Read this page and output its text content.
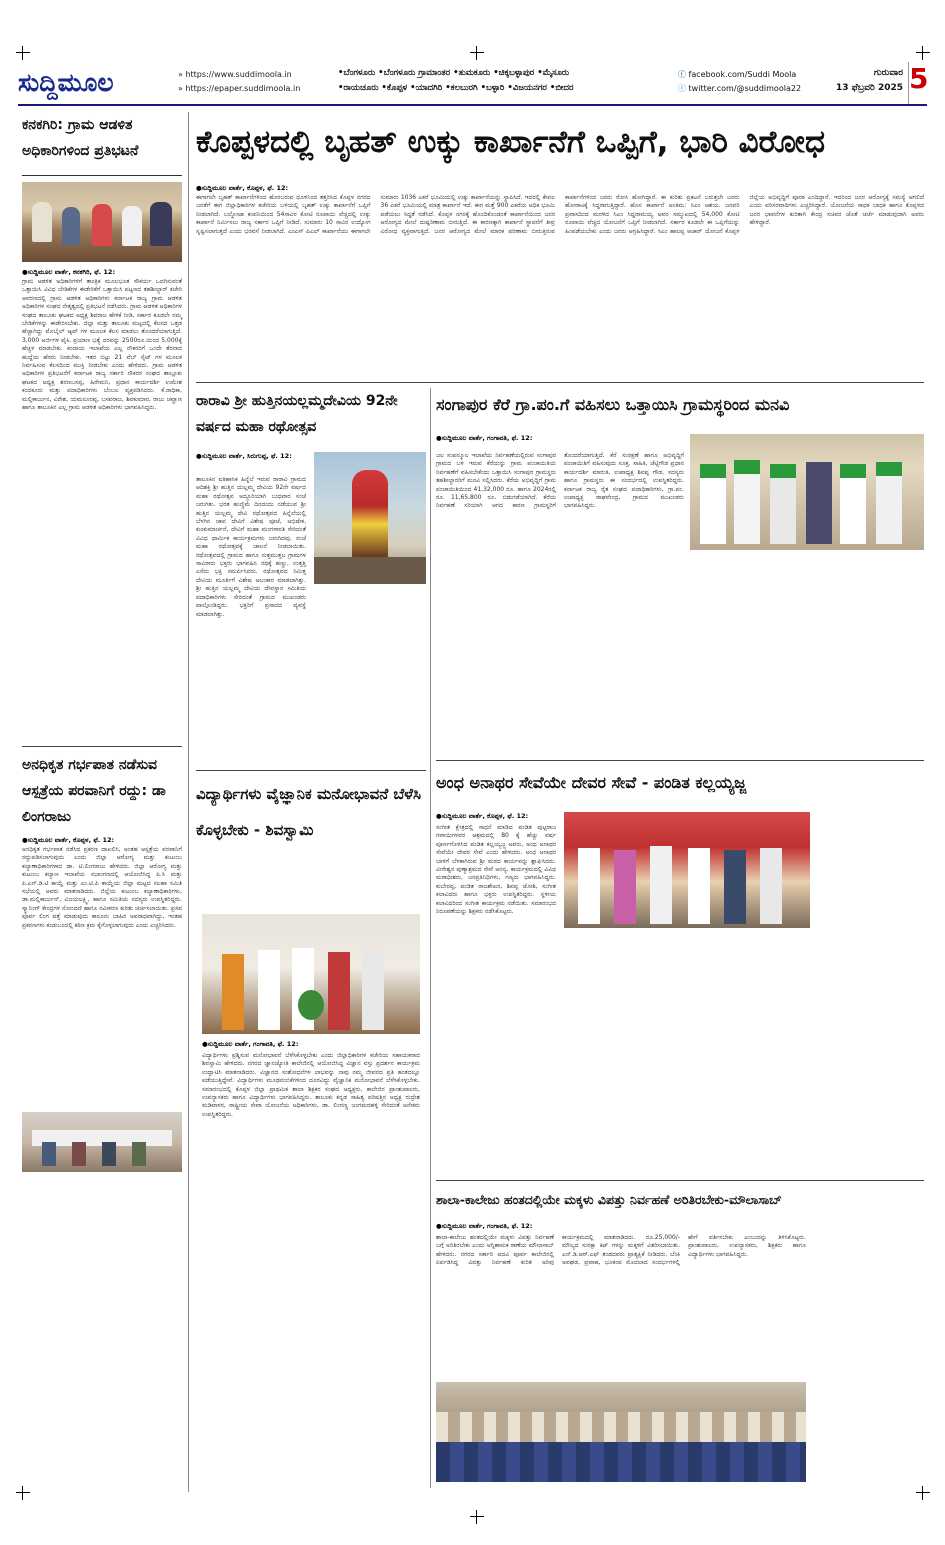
ಸುದ್ದಿಮೂಲ	» https://www.suddimoola.in
» https://epaper.suddimoola.in
•ಬೆಂಗಳೂರು •ಬೆಂಗಳೂರು ಗ್ರಾಮಾಂತರ •ತುಮಕೂರು •ಚಿಕ್ಕಬಳ್ಳಾಪುರ •ಮೈಸೂರು
•ರಾಯಚೂರು •ಕೊಪ್ಪಳ •ಯಾದಗಿರಿ •ಕಲಬುರಗಿ •ಬಳ್ಳಾರಿ •ವಿಜಯನಗರ •ಬೀದರ
ⓕ facebook.com/Suddi Moola
ⓣ twitter.com/@suddimoola22
ಗುರುವಾರ
13 ಫೆಬ್ರವರಿ 2025 5
ಕನಕಗಿರಿ: ಗ್ರಾಮ ಆಡಳಿತ ಅಧಿಕಾರಿಗಳಿಂದ ಪ್ರತಿಭಟನೆ
●ಸುದ್ದಿಮೂಲ ವಾರ್ತೆ, ಕನಕಗಿರಿ, ಫೆ. 12:
ಗ್ರಾಮ ಆಡಳಿತ ಅಧಿಕಾರಿಗಳಿಗೆ ತಾಂತ್ರಿಕ ಮೂಲಭೂತ ಸೌಕರ್ಯ ಒದಗಿಸುವಂತೆ ಒತ್ತಾಯಿಸಿ ವಿವಿಧ ಬೇಡಿಕೆಗಳ ಈಡೇರಿಕೆಗೆ ಒತ್ತಾಯಿಸಿ ಪಟ್ಟಣದ ತಹಶೀಲ್ದಾರ್ ಕಚೇರಿ ಆವರಣದಲ್ಲಿ ಗ್ರಾಮ ಆಡಳಿತ ಅಧಿಕಾರಿಗಳು ಕರ್ನಾಟಕ ರಾಜ್ಯ ಗ್ರಾಮ ಆಡಳಿತ ಅಧಿಕಾರಿಗಳ ಸಂಘದ ನೇತೃತ್ವದಲ್ಲಿ ಪ್ರತಿಭಟನೆ ನಡೆಸಿದರು. ಗ್ರಾಮ ಆಡಳಿತ ಅಧಿಕಾರಿಗಳ ಸಂಘದ ತಾಲೂಕು ಘಟಕದ ಅಧ್ಯಕ್ಷ ಶಿವರಾಜ ಹೇಳಿಕೆ ನೀಡಿ, ಸರ್ಕಾರ ಕೂಡಲೇ ನಮ್ಮ ಬೇಡಿಕೆಗಳನ್ನು ಈಡೇರಿಸಬೇಕು. ಜಿಲ್ಲಾ ಮತ್ತು ತಾಲೂಕು ಮಟ್ಟದಲ್ಲಿ ಕೆಲಸದ ಒತ್ತಡ ಹೆಚ್ಚಾಗಿದ್ದು ಮೊಬೈಲ್ ಆ್ಯಪ್ ಗಳ ಮೂಲಕ ಕೆಲಸ ಮಾಡಲು ತೊಂದರೆಯಾಗುತ್ತಿದೆ. 3,000 ಅರ್ಜಿಗಳ ಪೈಕಿ, ಪ್ರಯಾಣ ಭತ್ಯೆ ದರವನ್ನು 2500ರೂ.ಯಿಂದ 5,000ಕ್ಕೆ ಹೆಚ್ಚಳ ಮಾಡಬೇಕು. ಕಂದಾಯ ಇಲಾಖೆಯ ಎಲ್ಲ ನೌಕರರಿಗೆ ಒಂದೇ ತೆರನಾದ ಹುದ್ದೆಯ ಹೆಸರು ನೀಡಬೇಕು. ಇತರ ಬಿಟ್ಟು 21 ವೆಬ್ ಸೈಟ್ ಗಳ ಮೂಲಕ ನಿರ್ವಹಿಸುವ ಕೆಲಸದಿಂದ ಮುಕ್ತಿ ನೀಡಬೇಕು ಎಂದು ಹೇಳಿದರು. ಗ್ರಾಮ ಆಡಳಿತ ಅಧಿಕಾರಿಗಳ ಪ್ರತಿಭಟನೆಗೆ ಕರ್ನಾಟಕ ರಾಜ್ಯ ಸರ್ಕಾರಿ ನೌಕರರ ಸಂಘದ ತಾಲ್ಲೂಕು ಘಟಕದ ಅಧ್ಯಕ್ಷ ಶರಣಬಸಪ್ಪ, ಹಿರೇಮನಿ, ಪ್ರಧಾನ ಕಾರ್ಯದರ್ಶಿ ಉಮೇಶ ಕಂದಕೂರು ಮತ್ತು ಪದಾಧಿಕಾರಿಗಳು ಬೆಂಬಲ ವ್ಯಕ್ತಪಡಿಸಿದರು. ಕೆ.ರಾಧಿಕಾ, ಮಲ್ಲಿಕಾರ್ಜುನ, ವಿರೇಶ, ಯಮನೂರಪ್ಪ, ಬಸವರಾಜ, ಶಿವಕುಮಾರ, ರಾಜು ಚವ್ಹಾಣ ಹಾಗೂ ತಾಲೂಕಿನ ಎಲ್ಲ ಗ್ರಾಮ ಆಡಳಿತ ಅಧಿಕಾರಿಗಳು ಭಾಗವಹಿಸಿದ್ದರು.
ಕೊಪ್ಪಳದಲ್ಲಿ ಬೃಹತ್ ಉಕ್ಕು ಕಾರ್ಖಾನೆಗೆ ಒಪ್ಪಿಗೆ, ಭಾರಿ ವಿರೋಧ
●ಸುದ್ದಿಮೂಲ ವಾರ್ತೆ, ಕೊಪ್ಪಳ, ಫೆ. 12:
ಈಗಾಗಲೇ ಬೃಹತ್ ಕಾರ್ಖಾನೆಗಳಿಂದ ಹೊರಬರುವ ಧೂಳಿನಿಂದ ತತ್ತರಿಸಿದ ಕೊಪ್ಪಳ ನಗರದ ಜನತೆಗೆ ಈಗ ಜಿಲ್ಲಾಧಿಕಾರಿಗಳ ಕಚೇರಿಯ ಬಳಿಯಲ್ಲಿ ಬೃಹತ್ ಉಕ್ಕು ಕಾರ್ಖಾನೆಗೆ ಒಪ್ಪಿಗೆ ನೀಡಲಾಗಿದೆ. ಬಲ್ಡೋಟಾ ಕಂಪನಿಯಿಂದ 54ಸಾವಿರ ಕೋಟಿ ರೂಪಾಯಿ ವೆಚ್ಚದಲ್ಲಿ ಉಕ್ಕು ಕಾರ್ಖಾನೆ ನಿರ್ಮಿಸಲು ರಾಜ್ಯ ಸರ್ಕಾರ ಒಪ್ಪಿಗೆ ನೀಡಿದೆ. ಸುಮಾರು 10 ಸಾವಿರ ಉದ್ಯೋಗ ಸೃಷ್ಟಿಸಲಾಗುತ್ತದೆ ಎಂದು ಭರವಸೆ ನೀಡಲಾಗಿದೆ. ಎಂಎಸ್ ಪಿಎಲ್ ಕಾರ್ಖಾನೆಯು ಈಗಾಗಲೇ ಸುಮಾರು 1036 ಎಕರೆ ಭೂಮಿಯಲ್ಲಿ ಉಕ್ಕು ಕಾರ್ಖಾನೆಯನ್ನು ಸ್ಥಾಪಿಸಿದೆ. ಇದರಲ್ಲಿ ಕೇವಲ 36 ಎಕರೆ ಭೂಮಿಯಲ್ಲಿ ಮಾತ್ರ ಕಾರ್ಖಾನೆ ಇದೆ. ಈಗ ಮತ್ತೆ 900 ಎಕರೆಯ ಅಧಿಕ ಭೂಮಿ ಪಡೆಯಲು ಸಿದ್ಧತೆ ನಡೆಸಿದೆ. ಕೊಪ್ಪಳ ನಗರಕ್ಕೆ ಹೊಂದಿಕೊಂಡಂತೆ ಕಾರ್ಖಾನೆಯಿಂದ ಜನರ ಆರೋಗ್ಯದ ಮೇಲೆ ದುಷ್ಪರಿಣಾಮ ಬೀರುತ್ತಿದೆ. ಈ ಕಾರಣಕ್ಕಾಗಿ ಕಾರ್ಖಾನೆ ಸ್ಥಾಪನೆಗೆ ತೀವ್ರ ವಿರೋಧ ವ್ಯಕ್ತವಾಗುತ್ತಿದೆ. ಜನರ ಆರೋಗ್ಯದ ಮೇಲೆ ಮಾರಕ ಪರಿಣಾಮ ಬೀರುತ್ತಿರುವ ಕಾರ್ಖಾನೆಗಳಿಂದ ಜನರು ರೋಸಿ ಹೋಗಿದ್ದಾರೆ. ಈ ಕುರಿತು ಪ್ರಕಟನೆ ಬರುತ್ತಲೇ ಜನರು ಹೋರಾಟಕ್ಕೆ ಸಿದ್ಧರಾಗುತ್ತಿದ್ದಾರೆ. ಹೊಸ ಕಾರ್ಖಾನೆ ಅಂತಿಮ: ಸಿಎಂ ಆಶಯ. ಜನವರಿ ಪ್ರವಾಸದಿಂದ ಮರಳಿದ ಸಿಎಂ ಸಿದ್ದರಾಮಯ್ಯ ಅವರ ಸಮ್ಮುಖದಲ್ಲಿ 54,000 ಕೋಟಿ ರೂಪಾಯಿ ವೆಚ್ಚದ ಯೋಜನೆಗೆ ಒಪ್ಪಿಗೆ ನೀಡಲಾಗಿದೆ. ಸರ್ಕಾರ ಕೂಡಲೇ ಈ ಒಪ್ಪಿಗೆಯನ್ನು ಹಿಂಪಡೆಯಬೇಕು ಎಂದು ಜನರು ಆಗ್ರಹಿಸಿದ್ದಾರೆ. ಸಿಎಂ ಹಾಲಪ್ಪ ಆಚಾರ್ ಯೋಜನೆ ಕೊಪ್ಪಳ ಜಿಲ್ಲೆಯ ಅಭಿವೃದ್ಧಿಗೆ ಪೂರಕ ಎಂದಿದ್ದಾರೆ. ಇದರಿಂದ ಜನರ ಆರೋಗ್ಯಕ್ಕೆ ಸಮಸ್ಯೆ ಆಗಲಿದೆ ಎಂದು ಪರಿಸರವಾದಿಗಳು ಎಚ್ಚರಿಸಿದ್ದಾರೆ. ಯೋಜನೆಯ ಸಾಧಕ ಬಾಧಕ ಹಾಗೂ ಕೊಪ್ಪಳದ ಜನರ ಭಾವನೆಗಳ ಕುರಿತಾಗಿ ಕೇಂದ್ರ ಸಚಿವರ ಜೊತೆ ಚರ್ಚೆ ಮಾಡುವುದಾಗಿ ಅವರು ಹೇಳಿದ್ದಾರೆ.
ರಾರಾವಿ ಶ್ರೀ ಹುತ್ತಿನಯಲ್ಲಮ್ಮದೇವಿಯ 92ನೇ ವರ್ಷದ ಮಹಾ ರಥೋತ್ಸವ
●ಸುದ್ದಿಮೂಲ ವಾರ್ತೆ, ಸಿರುಗುಪ್ಪ, ಫೆ. 12:
ತಾಲೂಕಿನ ಐತಿಹಾಸಿಕ ಹಿನ್ನೆಲೆ ಇರುವ ರಾರಾವಿ ಗ್ರಾಮದ ಆದಿಶಕ್ತಿ ಶ್ರೀ ಹುತ್ತಿನ ಯಲ್ಲಮ್ಮ ದೇವಿಯ 92ನೇ ವರ್ಷದ ಮಹಾ ರಥೋತ್ಸವ ಅದ್ದೂರಿಯಾಗಿ ಬುಧವಾರ ಸಂಜೆ ಜರುಗಿತು. ಭರತ ಹುಣ್ಣಿಮೆ ದಿನದಂದು ನಡೆಯುವ ಶ್ರೀ ಹುತ್ತಿನ ಯಲ್ಲಮ್ಮ ದೇವಿ ರಥೋತ್ಸವದ ಹಿನ್ನೆಲೆಯಲ್ಲಿ ಬೆಳಗಿನ ಜಾವ ದೇವಿಗೆ ವಿಶೇಷ ಪೂಜೆ, ಅಭಿಷೇಕ, ಕುಂಕುಮಾರ್ಚನೆ, ದೇವಿಗೆ ಮಹಾ ಮಂಗಳಾರತಿ ಸೇರಿದಂತೆ ವಿವಿಧ ಧಾರ್ಮಿಕ ಕಾರ್ಯಕ್ರಮಗಳು ಜರುಗಿದವು. ಸಂಜೆ ಮಹಾ ರಥೋತ್ಸವಕ್ಕೆ ಚಾಲನೆ ನೀಡಲಾಯಿತು. ರಥೋತ್ಸವದಲ್ಲಿ ಗ್ರಾಮದ ಹಾಗೂ ಸುತ್ತಮುತ್ತಲ ಗ್ರಾಮಗಳ ಸಾವಿರಾರು ಭಕ್ತರು ಭಾಗವಹಿಸಿ ರಥಕ್ಕೆ ಹಣ್ಣು, ಉತ್ತತ್ತಿ ಎಸೆದು ಭಕ್ತಿ ಸಮರ್ಪಿಸಿದರು. ರಥೋತ್ಸವದ ನಿಮಿತ್ತ ದೇವಿಯ ಮೂರ್ತಿಗೆ ವಿಶೇಷ ಅಲಂಕಾರ ಮಾಡಲಾಗಿತ್ತು. ಶ್ರೀ ಹುತ್ತಿನ ಯಲ್ಲಮ್ಮ ದೇವಿಯ ದೇವಸ್ಥಾನ ಸಮಿತಿಯ ಪದಾಧಿಕಾರಿಗಳು ಸೇರಿದಂತೆ ಗ್ರಾಮದ ಮುಖಂಡರು ಪಾಲ್ಗೊಂಡಿದ್ದರು. ಭಕ್ತರಿಗೆ ಪ್ರಸಾದದ ವ್ಯವಸ್ಥೆ ಮಾಡಲಾಗಿತ್ತು.
ಸಂಗಾಪುರ ಕೆರೆ ಗ್ರಾ.ಪಂ.ಗೆ ವಹಿಸಲು ಒತ್ತಾಯಿಸಿ ಗ್ರಾಮಸ್ಥರಿಂದ ಮನವಿ
●ಸುದ್ದಿಮೂಲ ವಾರ್ತೆ, ಗಂಗಾವತಿ, ಫೆ. 12:
ಜಲ ಸಂಪನ್ಮೂಲ ಇಲಾಖೆಯ ನಿರ್ವಹಣೆಯಲ್ಲಿರುವ ಸಂಗಾಪುರ ಗ್ರಾಮದ ಬಳಿ ಇರುವ ಕೆರೆಯನ್ನು ಗ್ರಾಮ ಪಂಚಾಯಿತಿಯ ನಿರ್ವಹಣೆಗೆ ವಹಿಸಬೇಕೆಂದು ಒತ್ತಾಯಿಸಿ ಸಂಗಾಪುರ ಗ್ರಾಮಸ್ಥರು ತಹಶೀಲ್ದಾರರಿಗೆ ಮನವಿ ಸಲ್ಲಿಸಿದರು. ಕೆರೆಯ ಅಭಿವೃದ್ಧಿಗೆ ಗ್ರಾಮ ಪಂಚಾಯಿತಿಯಿಂದ 41,32,000 ರೂ. ಹಾಗೂ 2024ರಲ್ಲಿ ರೂ. 11,65,800 ರೂ. ಬಿಡುಗಡೆಯಾಗಿದೆ. ಕೆರೆಯ ನಿರ್ವಹಣೆ ಸರಿಯಾಗಿ ಆಗದ ಕಾರಣ ಗ್ರಾಮಸ್ಥರಿಗೆ ತೊಂದರೆಯಾಗುತ್ತಿದೆ. ಕೆರೆ ಸಂರಕ್ಷಣೆ ಹಾಗೂ ಅಭಿವೃದ್ಧಿಗೆ ಪಂಚಾಯಿತಿಗೆ ವಹಿಸುವುದು ಸೂಕ್ತ. ಸಾಹಿತಿ, ಚೆಟ್ಟಿಗೌಡ ಪ್ರಧಾನ ಕಾರ್ಯದರ್ಶಿ ಮಾರುತಿ, ಉಪಾಧ್ಯಕ್ಷ ಶಿವಪ್ಪ ಗೌಡ, ಸದಸ್ಯರು ಹಾಗೂ ಗ್ರಾಮಸ್ಥರು ಈ ಸಂದರ್ಭದಲ್ಲಿ ಉಪಸ್ಥಿತರಿದ್ದರು. ಕರ್ನಾಟಕ ರಾಜ್ಯ ರೈತ ಸಂಘದ ಪದಾಧಿಕಾರಿಗಳು, ಗ್ರಾ.ಪಂ. ಉಪಾಧ್ಯಕ್ಷ ರಾಘವೇಂದ್ರ, ಗ್ರಾಮದ ಮುಖಂಡರು ಭಾಗವಹಿಸಿದ್ದರು.
ಅನಧಿಕೃತ ಗರ್ಭಪಾತ ನಡೆಸುವ ಆಸ್ಪತ್ರೆಯ ಪರವಾನಿಗೆ ರದ್ದು: ಡಾ ಲಿಂಗರಾಜು
●ಸುದ್ದಿಮೂಲ ವಾರ್ತೆ, ಕೊಪ್ಪಳ, ಫೆ. 12:
ಅನಧಿಕೃತ ಗರ್ಭಪಾತ ನಡೆಸಿದ ಪ್ರಕರಣ ದಾಖಲಿಸಿ, ಅಂತಹ ಆಸ್ಪತ್ರೆಯ ಪರವಾನಿಗೆ ರದ್ದುಪಡಿಸಲಾಗುವುದು ಎಂದು ಜಿಲ್ಲಾ ಆರೋಗ್ಯ ಮತ್ತು ಕುಟುಂಬ ಕಲ್ಯಾಣಾಧಿಕಾರಿಗಳಾದ ಡಾ. ಟಿ.ಲಿಂಗರಾಜು ಹೇಳಿದರು. ಜಿಲ್ಲಾ ಆರೋಗ್ಯ ಮತ್ತು ಕುಟುಂಬ ಕಲ್ಯಾಣ ಇಲಾಖೆಯ ಸಭಾಂಗಣದಲ್ಲಿ ಆಯೋಜಿಸಿದ್ದ ಪಿ.ಸಿ ಮತ್ತು ಪಿ.ಎನ್.ಡಿ.ಟಿ ಕಾಯ್ದೆ ಮತ್ತು ಎಂ.ಟಿ.ಪಿ ಕಾಯ್ದೆಯ ಜಿಲ್ಲಾ ಮಟ್ಟದ ಸಲಹಾ ಸಮಿತಿ ಸಭೆಯಲ್ಲಿ ಅವರು ಮಾತನಾಡಿದರು. ಜಿಲ್ಲೆಯ ಕುಟುಂಬ ಕಲ್ಯಾಣಾಧಿಕಾರಿಗಳು, ಡಾ.ಮಲ್ಲಿಕಾರ್ಜುನ್, ವಿಜಯಲಕ್ಷ್ಮಿ, ಹಾಗೂ ಸಮಿತಿಯ ಸದಸ್ಯರು ಉಪಸ್ಥಿತರಿದ್ದರು. ಸ್ಕ್ಯಾನಿಂಗ್ ಕೇಂದ್ರಗಳ ನೋಂದಣಿ ಹಾಗೂ ನವೀಕರಣ ಕುರಿತು ಚರ್ಚಿಸಲಾಯಿತು. ಪ್ರಸವ ಪೂರ್ವ ಲಿಂಗ ಪತ್ತೆ ಮಾಡುವುದು ಕಾನೂನು ಬಾಹಿರ ಅಪರಾಧವಾಗಿದ್ದು, ಇಂತಹ ಪ್ರಕರಣಗಳು ಕಂಡುಬಂದಲ್ಲಿ ಕಠಿಣ ಕ್ರಮ ಕೈಗೊಳ್ಳಲಾಗುವುದು ಎಂದು ಎಚ್ಚರಿಸಿದರು.
ವಿದ್ಯಾರ್ಥಿಗಳು ವೈಜ್ಞಾನಿಕ ಮನೋಭಾವನೆ ಬೆಳೆಸಿ ಕೊಳ್ಳಬೇಕು - ಶಿವಸ್ವಾಮಿ
●ಸುದ್ದಿಮೂಲ ವಾರ್ತೆ, ಗಂಗಾವತಿ, ಫೆ. 12:
ವಿದ್ಯಾರ್ಥಿಗಳು ಪ್ರಶ್ನಿಸುವ ಮನೋಭಾವನೆ ಬೆಳೆಸಿಕೊಳ್ಳಬೇಕು ಎಂದು ಜಿಲ್ಲಾಧಿಕಾರಿಗಳ ಕಚೇರಿಯ ಸಹಾಯಕರಾದ ಶಿವಸ್ವಾಮಿ ಹೇಳಿದರು. ನಗರದ ಜ್ಞಾನಜ್ಯೋತಿ ಕಾಲೇಜಿನಲ್ಲಿ ಆಯೋಜಿಸಿದ್ದ ವಿಜ್ಞಾನ ವಸ್ತು ಪ್ರದರ್ಶನ ಕಾರ್ಯಕ್ರಮ ಉದ್ಘಾಟಿಸಿ ಮಾತನಾಡಿದರು. ವಿಜ್ಞಾನದ ಸಂಶೋಧನೆಗಳ ಲಾಭವನ್ನು ನಾವು ನಮ್ಮ ಜೀವನದ ಪ್ರತಿ ಹಂತದಲ್ಲೂ ಪಡೆಯುತ್ತಿದ್ದೇವೆ. ವಿದ್ಯಾರ್ಥಿಗಳು ಮೂಢನಂಬಿಕೆಗಳಿಂದ ದೂರವಿದ್ದು ವೈಜ್ಞಾನಿಕ ಮನೋಭಾವನೆ ಬೆಳೆಸಿಕೊಳ್ಳಬೇಕು. ಸಮಾರಂಭದಲ್ಲಿ ಕೊಪ್ಪಳ ಜಿಲ್ಲಾ ಪ್ರಾಥಮಿಕ ಶಾಲಾ ಶಿಕ್ಷಕರ ಸಂಘದ ಅಧ್ಯಕ್ಷರು, ಕಾಲೇಜಿನ ಪ್ರಾಂಶುಪಾಲರು, ಉಪನ್ಯಾಸಕರು ಹಾಗೂ ವಿದ್ಯಾರ್ಥಿಗಳು ಭಾಗವಹಿಸಿದ್ದರು. ತಾಲೂಕು ಕನ್ನಡ ಸಾಹಿತ್ಯ ಪರಿಷತ್ತಿನ ಅಧ್ಯಕ್ಷ ರುದ್ರೇಶ ಮಡಿವಾಳರ, ರಾಷ್ಟ್ರೀಯ ಸೇವಾ ಯೋಜನೆಯ ಅಧಿಕಾರಿಗಳು, ಡಾ. ಲಿಂಗಣ್ಣ ಜಂಗಮರಹಳ್ಳಿ ಸೇರಿದಂತೆ ಅನೇಕರು ಉಪಸ್ಥಿತರಿದ್ದರು.
ಅಂಧ ಅನಾಥರ ಸೇವೆಯೇ ದೇವರ ಸೇವೆ - ಪಂಡಿತ ಕಲ್ಲಯ್ಯಜ್ಜ
●ಸುದ್ದಿಮೂಲ ವಾರ್ತೆ, ಕೊಪ್ಪಳ, ಫೆ. 12:
ಸಂಗೀತ ಕ್ಷೇತ್ರದಲ್ಲಿ ಸಾಧನೆ ಮಾಡಿದ ಪಂಡಿತ ಪುಟ್ಟರಾಜ ಗವಾಯಿಗಳವರ ಆಶ್ರಮದಲ್ಲಿ 80 ಕ್ಕೆ ಹೆಚ್ಚು ವರ್ಷ ಪೂರ್ಣಗೊಳಿಸಿದ ಪಂಡಿತ ಕಲ್ಲಯ್ಯಜ್ಜ ಅವರು, ಅಂಧ ಅನಾಥರ ಸೇವೆಯೇ ದೇವರ ಸೇವೆ ಎಂದು ಹೇಳಿದರು. ಅಂಧ ಅನಾಥರ ಬಾಳಿಗೆ ಬೆಳಕಾಗಿರುವ ಶ್ರೀ ಮಠದ ಕಾರ್ಯವನ್ನು ಶ್ಲಾಘಿಸಿದರು. ವೀರೇಶ್ವರ ಪುಣ್ಯಾಶ್ರಮದ ಸೇವೆ ಅನನ್ಯ. ಕಾರ್ಯಕ್ರಮದಲ್ಲಿ ವಿವಿಧ ಮಠಾಧೀಶರು, ಜನಪ್ರತಿನಿಧಿಗಳು, ಗಣ್ಯರು ಭಾಗವಹಿಸಿದ್ದರು. ಕುಬೇರಪ್ಪ, ಪಂಡಿತ ರಾಜಶೇಖರ, ಶಿವಪ್ಪ ಜೋಶಿ, ಸಂಗೀತ ಕಲಾವಿದರು ಹಾಗೂ ಭಕ್ತರು ಉಪಸ್ಥಿತರಿದ್ದರು. ಸ್ಥಳೀಯ ಕಲಾವಿದರಿಂದ ಸಂಗೀತ ಕಾರ್ಯಕ್ರಮ ನಡೆಯಿತು. ಸಮಾರಂಭದ ನಿರೂಪಣೆಯನ್ನು ಶಿಕ್ಷಕರು ನಡೆಸಿಕೊಟ್ಟರು.
ಶಾಲಾ-ಕಾಲೇಜು ಹಂತದಲ್ಲಿಯೇ ಮಕ್ಕಳು ವಿಪತ್ತು ನಿರ್ವಹಣೆ ಅರಿತಿರಬೇಕು-ಮೌಲಾಸಾಬ್
●ಸುದ್ದಿಮೂಲ ವಾರ್ತೆ, ಗಂಗಾವತಿ, ಫೆ. 12:
ಶಾಲಾ-ಕಾಲೇಜು ಹಂತದಲ್ಲಿಯೇ ಮಕ್ಕಳು ವಿಪತ್ತು ನಿರ್ವಹಣೆ ಬಗ್ಗೆ ಅರಿತಿರಬೇಕು ಎಂದು ಅಗ್ನಿಶಾಮಕ ಠಾಣೆಯ ಮೌಲಾಸಾಬ್ ಹೇಳಿದರು. ನಗರದ ಸರ್ಕಾರಿ ಪದವಿ ಪೂರ್ವ ಕಾಲೇಜಿನಲ್ಲಿ ಏರ್ಪಡಿಸಿದ್ದ ವಿಪತ್ತು ನಿರ್ವಹಣೆ ಕುರಿತ ಅರಿವು ಕಾರ್ಯಕ್ರಮದಲ್ಲಿ ಮಾತನಾಡಿದರು. ರೂ.25,000/- ಮೌಲ್ಯದ ಸುರಕ್ಷಾ ಕಿಟ್ ಗಳನ್ನು ಮಕ್ಕಳಿಗೆ ವಿತರಿಸಲಾಯಿತು. ಎನ್.ಡಿ.ಆರ್.ಎಫ್ ತಂಡದವರು ಪ್ರಾತ್ಯಕ್ಷಿಕೆ ನೀಡಿದರು. ಬೆಂಕಿ ಅವಘಡ, ಪ್ರವಾಹ, ಭೂಕಂಪ ಮೊದಲಾದ ಸಂದರ್ಭಗಳಲ್ಲಿ ಹೇಗೆ ವರ್ತಿಸಬೇಕು ಎಂಬುದನ್ನು ತಿಳಿಸಿಕೊಟ್ಟರು. ಪ್ರಾಂಶುಪಾಲರು, ಉಪನ್ಯಾಸಕರು, ಶಿಕ್ಷಕರು ಹಾಗೂ ವಿದ್ಯಾರ್ಥಿಗಳು ಭಾಗವಹಿಸಿದ್ದರು.
